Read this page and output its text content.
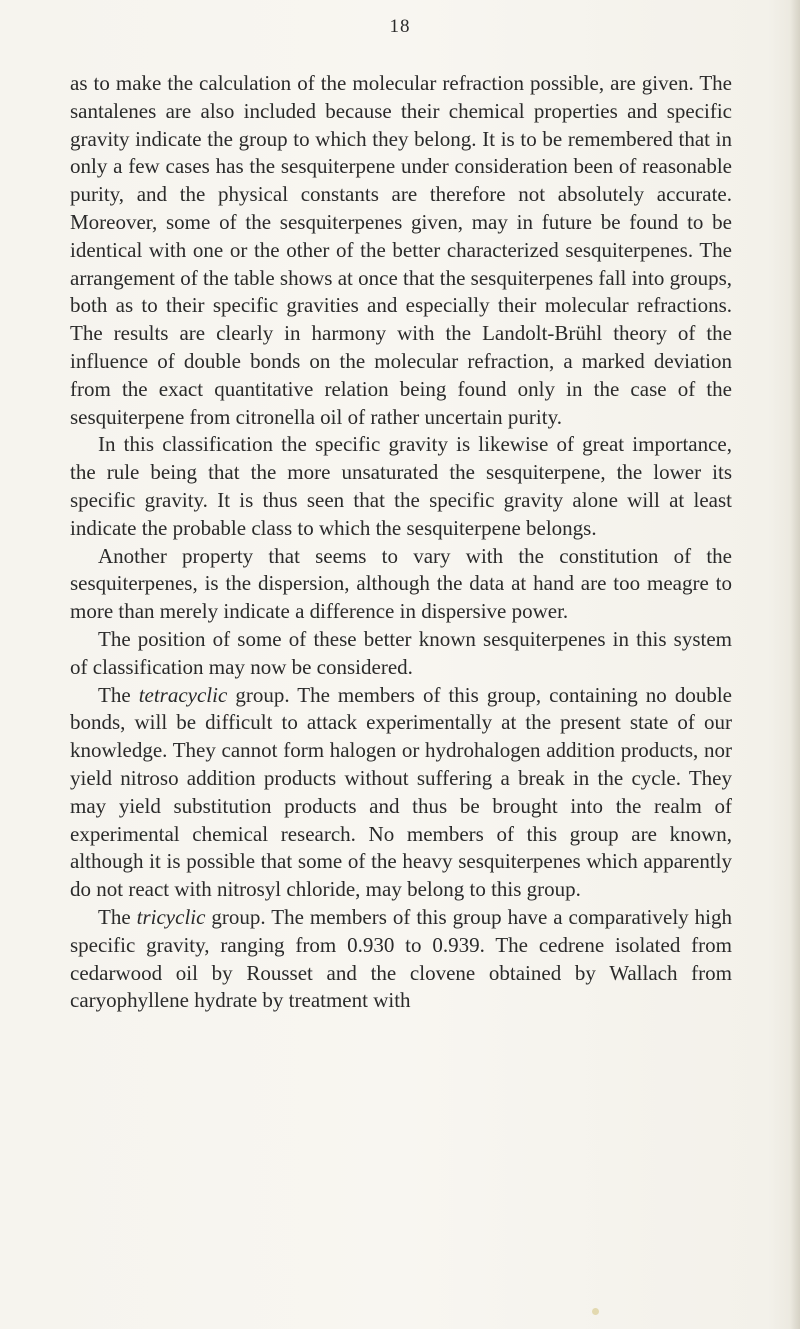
18

as to make the calculation of the molecular refraction possible, are given. The santalenes are also included because their chemical properties and specific gravity indicate the group to which they belong. It is to be remembered that in only a few cases has the sesquiterpene under consideration been of reasonable purity, and the physical constants are therefore not absolutely accurate. Moreover, some of the sesquiterpenes given, may in future be found to be identical with one or the other of the better characterized sesquiterpenes. The arrangement of the table shows at once that the sesquiterpenes fall into groups, both as to their specific gravities and especially their molecular refractions. The results are clearly in harmony with the Landolt-Brühl theory of the influence of double bonds on the molecular refraction, a marked deviation from the exact quantitative relation being found only in the case of the sesquiterpene from citronella oil of rather uncertain purity.

In this classification the specific gravity is likewise of great importance, the rule being that the more unsaturated the sesquiterpene, the lower its specific gravity. It is thus seen that the specific gravity alone will at least indicate the probable class to which the sesquiterpene belongs.

Another property that seems to vary with the constitution of the sesquiterpenes, is the dispersion, although the data at hand are too meagre to more than merely indicate a difference in dispersive power.

The position of some of these better known sesquiterpenes in this system of classification may now be considered.

The tetracyclic group. The members of this group, containing no double bonds, will be difficult to attack experimentally at the present state of our knowledge. They cannot form halogen or hydrohalogen addition products, nor yield nitroso addition products without suffering a break in the cycle. They may yield substitution products and thus be brought into the realm of experimental chemical research. No members of this group are known, although it is possible that some of the heavy sesquiterpenes which apparently do not react with nitrosyl chloride, may belong to this group.

The tricyclic group. The members of this group have a comparatively high specific gravity, ranging from 0.930 to 0.939. The cedrene isolated from cedarwood oil by Rousset and the clovene obtained by Wallach from caryophyllene hydrate by treatment with
